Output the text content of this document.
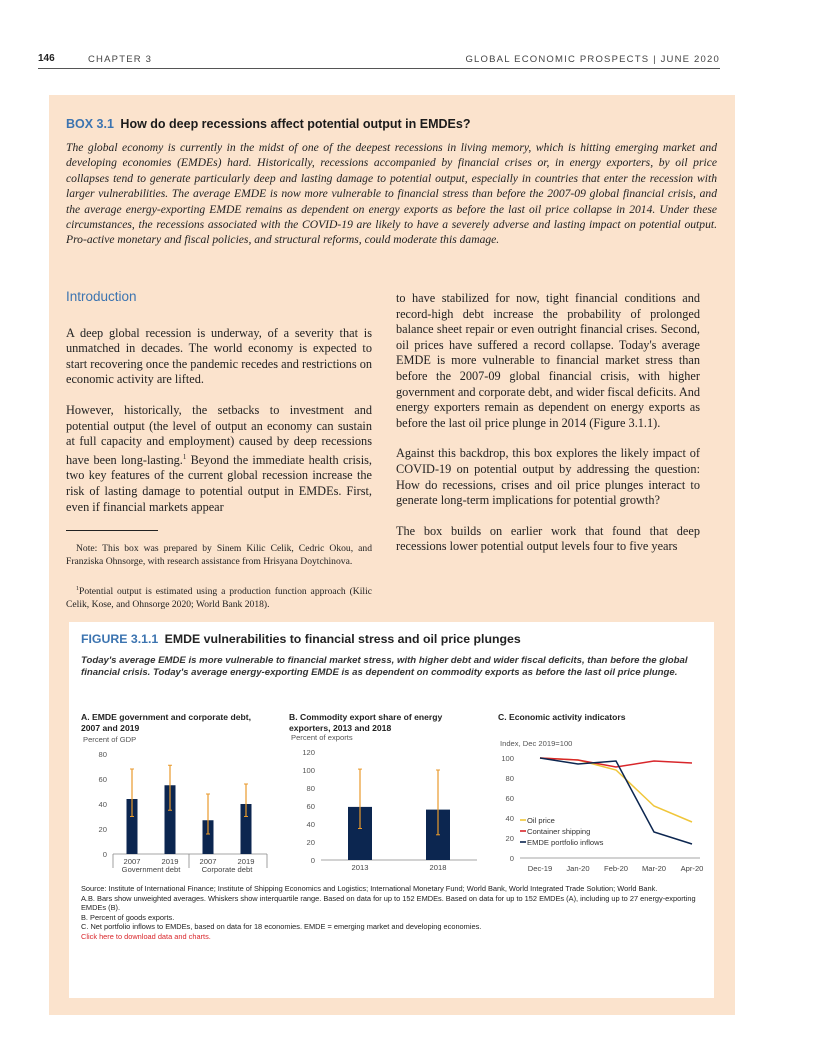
146	CHAPTER 3	GLOBAL ECONOMIC PROSPECTS | JUNE 2020
BOX 3.1 How do deep recessions affect potential output in EMDEs?

The global economy is currently in the midst of one of the deepest recessions in living memory, which is hitting emerging market and developing economies (EMDEs) hard. Historically, recessions accompanied by financial crises or, in energy exporters, by oil price collapses tend to generate particularly deep and lasting damage to potential output, especially in countries that enter the recession with larger vulnerabilities. The average EMDE is now more vulnerable to financial stress than before the 2007-09 global financial crisis, and the average energy-exporting EMDE remains as dependent on energy exports as before the last oil price collapse in 2014. Under these circumstances, the recessions associated with the COVID-19 are likely to have a severely adverse and lasting impact on potential output. Pro-active monetary and fiscal policies, and structural reforms, could moderate this damage.

Introduction

A deep global recession is underway, of a severity that is unmatched in decades. The world economy is expected to start recovering once the pandemic recedes and restrictions on economic activity are lifted.

However, historically, the setbacks to investment and potential output (the level of output an economy can sustain at full capacity and employment) caused by deep recessions have been long-lasting.$^1$ Beyond the immediate health crisis, two key features of the current global recession increase the risk of lasting damage to potential output in EMDEs. First, even if financial markets appear

Note: This box was prepared by Sinem Kilic Celik, Cedric Okou, and Franziska Ohnsorge, with research assistance from Hrisyana Doytchinova.

$^1$Potential output is estimated using a production function approach (Kilic Celik, Kose, and Ohnsorge 2020; World Bank 2018).

to have stabilized for now, tight financial conditions and record-high debt increase the probability of prolonged balance sheet repair or even outright financial crises. Second, oil prices have suffered a record collapse. Today's average EMDE is more vulnerable to financial market stress than before the 2007-09 global financial crisis, with higher government and corporate debt, and wider fiscal deficits. And energy exporters remain as dependent on energy exports as before the last oil price plunge in 2014 (Figure 3.1.1).

Against this backdrop, this box explores the likely impact of COVID-19 on potential output by addressing the question: How do recessions, crises and oil price plunges interact to generate long-term implications for potential growth?

The box builds on earlier work that found that deep recessions lower potential output levels four to five years

FIGURE 3.1.1 EMDE vulnerabilities to financial stress and oil price plunges
Today's average EMDE is more vulnerable to financial market stress, with higher debt and wider fiscal deficits, than before the global financial crisis. Today's average energy-exporting EMDE is as dependent on commodity exports as before the last oil price plunge.
A. EMDE government and corporate debt, 2007 and 2019
B. Commodity export share of energy exporters, 2013 and 2018
C. Economic activity indicators
Percent of GDP
0
20
40
60
80
2007	2019	2007	2019
Government debt	Corporate debt
Percent of exports
0
20
40
60
80
100
120
2013	2018
Index, Dec 2019=100
0
20
40
60
80
100
Dec-19 Jan-20 Feb-20 Mar-20 Apr-20
Oil price
Container shipping
EMDE portfolio inflows

Source: Institute of International Finance; Institute of Shipping Economics and Logistics; International Monetary Fund; World Bank, World Integrated Trade Solution; World Bank.

A.B. Bars show unweighted averages. Whiskers show interquartile range. Based on data for up to 152 EMDEs. Based on data for up to 152 EMDEs (A), including up to 27 energy-exporting EMDEs (B).

B. Percent of goods exports.

C. Net portfolio inflows to EMDEs, based on data for 18 economies. EMDE = emerging market and developing economies.

Click here to download data and charts.
